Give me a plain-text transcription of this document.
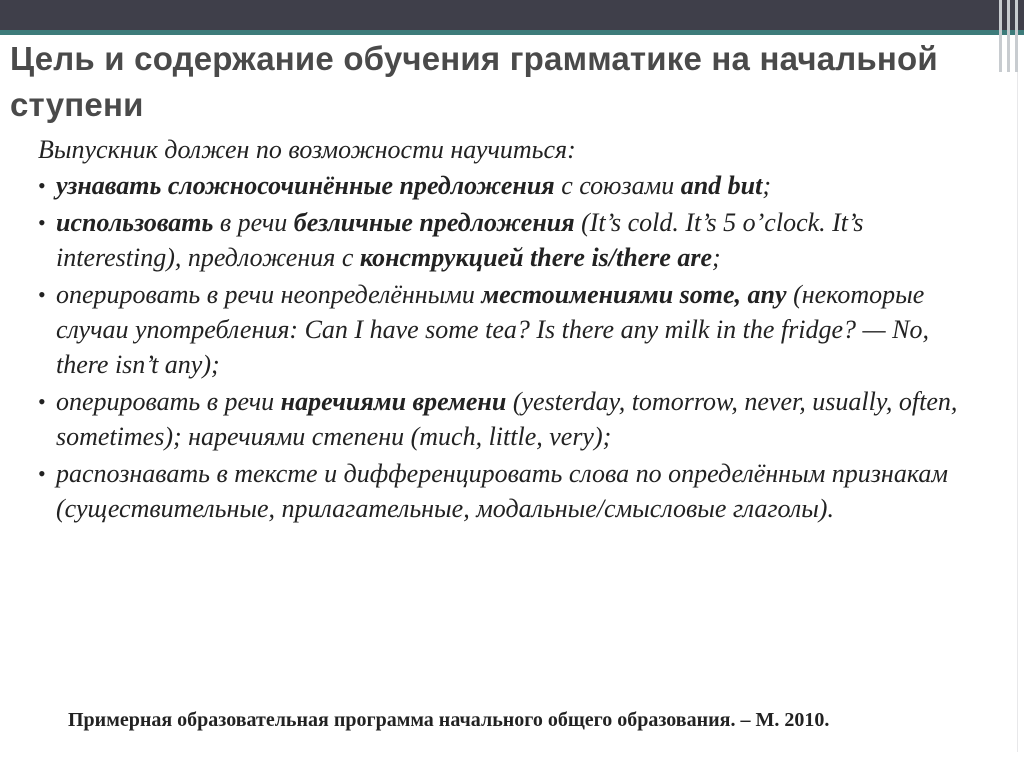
Цель и содержание обучения грамматике на начальной ступени

Выпускник должен по возможности научиться:

• узнавать сложносочинённые предложения с союзами and but;

• использовать в речи безличные предложения (It’s cold. It’s 5 o’clock. It’s interesting), предложения с конструкцией there is/there are;

• оперировать в речи неопределёнными местоимениями some, any (некоторые случаи употребления: Can I have some tea? Is there any milk in the fridge? — No, there isn’t any);

• оперировать в речи наречиями времени (yesterday, tomorrow, never, usually, often, sometimes); наречиями степени (much, little, very);

• распознавать в тексте и дифференцировать слова по определённым признакам (существительные, прилагательные, модальные/смысловые глаголы).

Примерная образовательная программа начального общего образования. – М. 2010.
